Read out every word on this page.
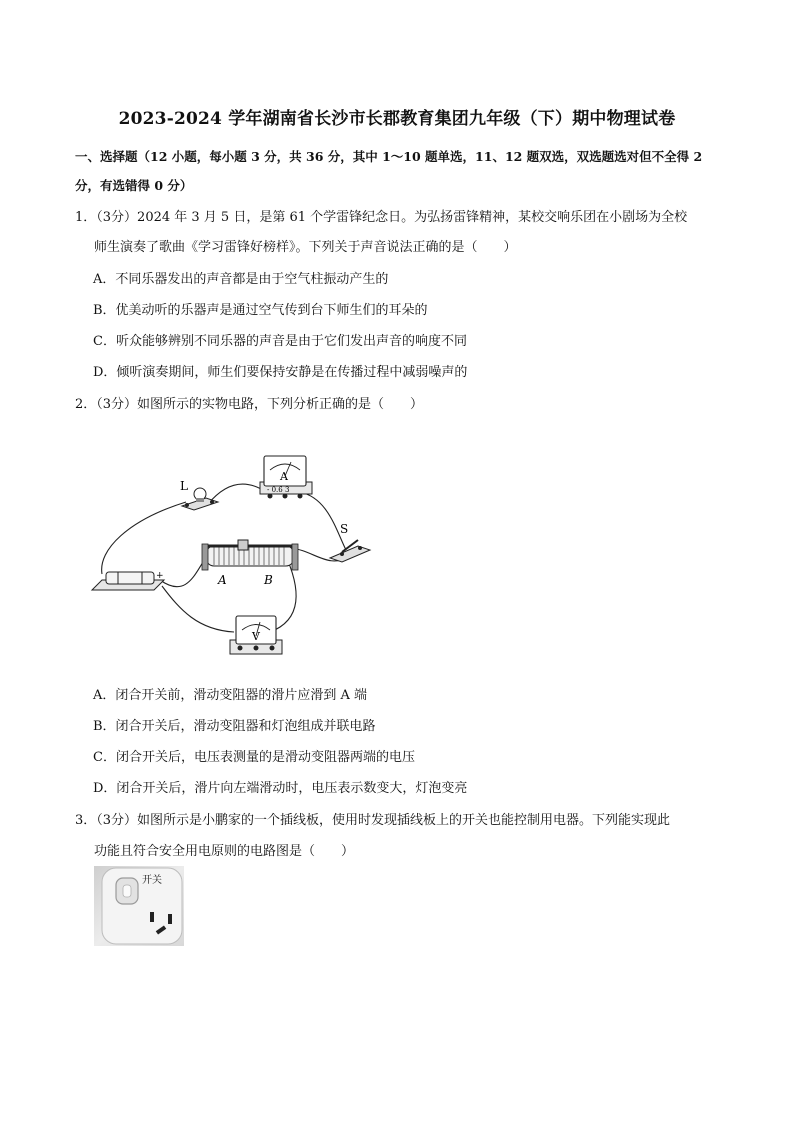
2023-2024 学年湖南省长沙市长郡教育集团九年级（下）期中物理试卷
一、选择题（12 小题，每小题 3 分，共 36 分，其中 1～10 题单选，11、12 题双选，双选题选对但不全得 2 分，有选错得 0 分）
1．（3分）2024 年 3 月 5 日，是第 61 个学雷锋纪念日。为弘扬雷锋精神，某校交响乐团在小剧场为全校
师生演奏了歌曲《学习雷锋好榜样》。下列关于声音说法正确的是（　　）
A．不同乐器发出的声音都是由于空气柱振动产生的
B．优美动听的乐器声是通过空气传到台下师生们的耳朵的
C．听众能够辨别不同乐器的声音是由于它们发出声音的响度不同
D．倾听演奏期间，师生们要保持安静是在传播过程中减弱噪声的
2．（3分）如图所示的实物电路，下列分析正确的是（　　）
A
- 0.6 3
L
S
A	B
+
V
A．闭合开关前，滑动变阻器的滑片应滑到 A 端
B．闭合开关后，滑动变阻器和灯泡组成并联电路
C．闭合开关后，电压表测量的是滑动变阻器两端的电压
D．闭合开关后，滑片向左端滑动时，电压表示数变大，灯泡变亮
3．（3分）如图所示是小鹏家的一个插线板，使用时发现插线板上的开关也能控制用电器。下列能实现此
功能且符合安全用电原则的电路图是（　　）
开关
